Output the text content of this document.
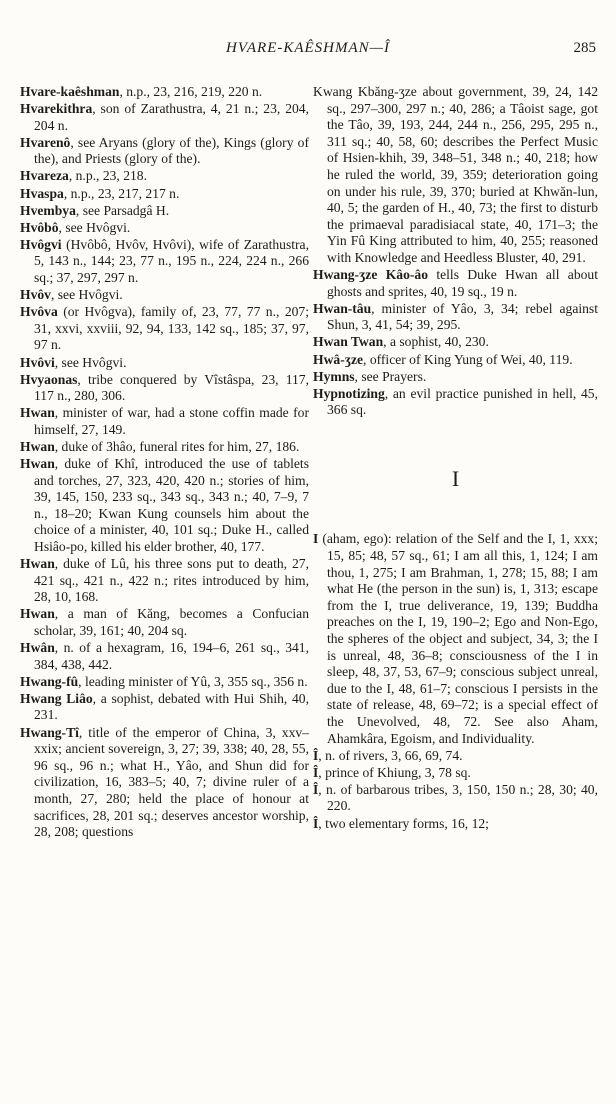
HVARE-KAÊSHMAN—Î	285

Hvare-kaêshman, n.p., 23, 216, 219, 220 n.

Hvarekithra, son of Zarathustra, 4, 21 n.; 23, 204, 204 n.

Hvarenô, see Aryans (glory of the), Kings (glory of the), and Priests (glory of the).

Hvareza, n.p., 23, 218.

Hvaspa, n.p., 23, 217, 217 n.

Hvembya, see Parsadgâ H.

Hvôbô, see Hvôgvi.

Hvôgvi (Hvôbô, Hvôv, Hvôvi), wife of Zarathustra, 5, 143 n., 144; 23, 77 n., 195 n., 224, 224 n., 266 sq.; 37, 297, 297 n.

Hvôv, see Hvôgvi.

Hvôva (or Hvôgva), family of, 23, 77, 77 n., 207; 31, xxvi, xxviii, 92, 94, 133, 142 sq., 185; 37, 97, 97 n.

Hvôvi, see Hvôgvi.

Hvyaonas, tribe conquered by Vîstâspa, 23, 117, 117 n., 280, 306.

Hwan, minister of war, had a stone coffin made for himself, 27, 149.

Hwan, duke of 3hâo, funeral rites for him, 27, 186.

Hwan, duke of Khî, introduced the use of tablets and torches, 27, 323, 420, 420 n.; stories of him, 39, 145, 150, 233 sq., 343 sq., 343 n.; 40, 7–9, 7 n., 18–20; Kwan Kung counsels him about the choice of a minister, 40, 101 sq.; Duke H., called Hsiâo-po, killed his elder brother, 40, 177.

Hwan, duke of Lû, his three sons put to death, 27, 421 sq., 421 n., 422 n.; rites introduced by him, 28, 10, 168.

Hwan, a man of Kăng, becomes a Confucian scholar, 39, 161; 40, 204 sq.

Hwân, n. of a hexagram, 16, 194–6, 261 sq., 341, 384, 438, 442.

Hwang-fû, leading minister of Yû, 3, 355 sq., 356 n.

Hwang Liâo, a sophist, debated with Hui Shih, 40, 231.

Hwang-Tî, title of the emperor of China, 3, xxv–xxix; ancient sovereign, 3, 27; 39, 338; 40, 28, 55, 96 sq., 96 n.; what H., Yâo, and Shun did for civilization, 16, 383–5; 40, 7; divine ruler of a month, 27, 280; held the place of honour at sacrifices, 28, 201 sq.; deserves ancestor worship, 28, 208; questions

Kwang Kbăng-ʒze about government, 39, 24, 142 sq., 297–300, 297 n.; 40, 286; a Tâoist sage, got the Tâo, 39, 193, 244, 244 n., 256, 295, 295 n., 311 sq.; 40, 58, 60; describes the Perfect Music of Hsien-khih, 39, 348–51, 348 n.; 40, 218; how he ruled the world, 39, 359; deterioration going on under his rule, 39, 370; buried at Khwăn-lun, 40, 5; the garden of H., 40, 73; the first to disturb the primaeval paradisiacal state, 40, 171–3; the Yin Fû King attributed to him, 40, 255; reasoned with Knowledge and Heedless Bluster, 40, 291.

Hwang-ʒze Kâo-âo tells Duke Hwan all about ghosts and sprites, 40, 19 sq., 19 n.

Hwan-tâu, minister of Yâo, 3, 34; rebel against Shun, 3, 41, 54; 39, 295.

Hwan Twan, a sophist, 40, 230.

Hwâ-ʒze, officer of King Yung of Wei, 40, 119.

Hymns, see Prayers.

Hypnotizing, an evil practice punished in hell, 45, 366 sq.

I

I (aham, ego): relation of the Self and the I, 1, xxx; 15, 85; 48, 57 sq., 61; I am all this, 1, 124; I am thou, 1, 275; I am Brahman, 1, 278; 15, 88; I am what He (the person in the sun) is, 1, 313; escape from the I, true deliverance, 19, 139; Buddha preaches on the I, 19, 190–2; Ego and Non-Ego, the spheres of the object and subject, 34, 3; the I is unreal, 48, 36–8; consciousness of the I in sleep, 48, 37, 53, 67–9; conscious subject unreal, due to the I, 48, 61–7; conscious I persists in the state of release, 48, 69–72; is a special effect of the Unevolved, 48, 72. See also Aham, Ahamkâra, Egoism, and Individuality.

Î, n. of rivers, 3, 66, 69, 74.

Î, prince of Khiung, 3, 78 sq.

Î, n. of barbarous tribes, 3, 150, 150 n.; 28, 30; 40, 220.

Î, two elementary forms, 16, 12;
